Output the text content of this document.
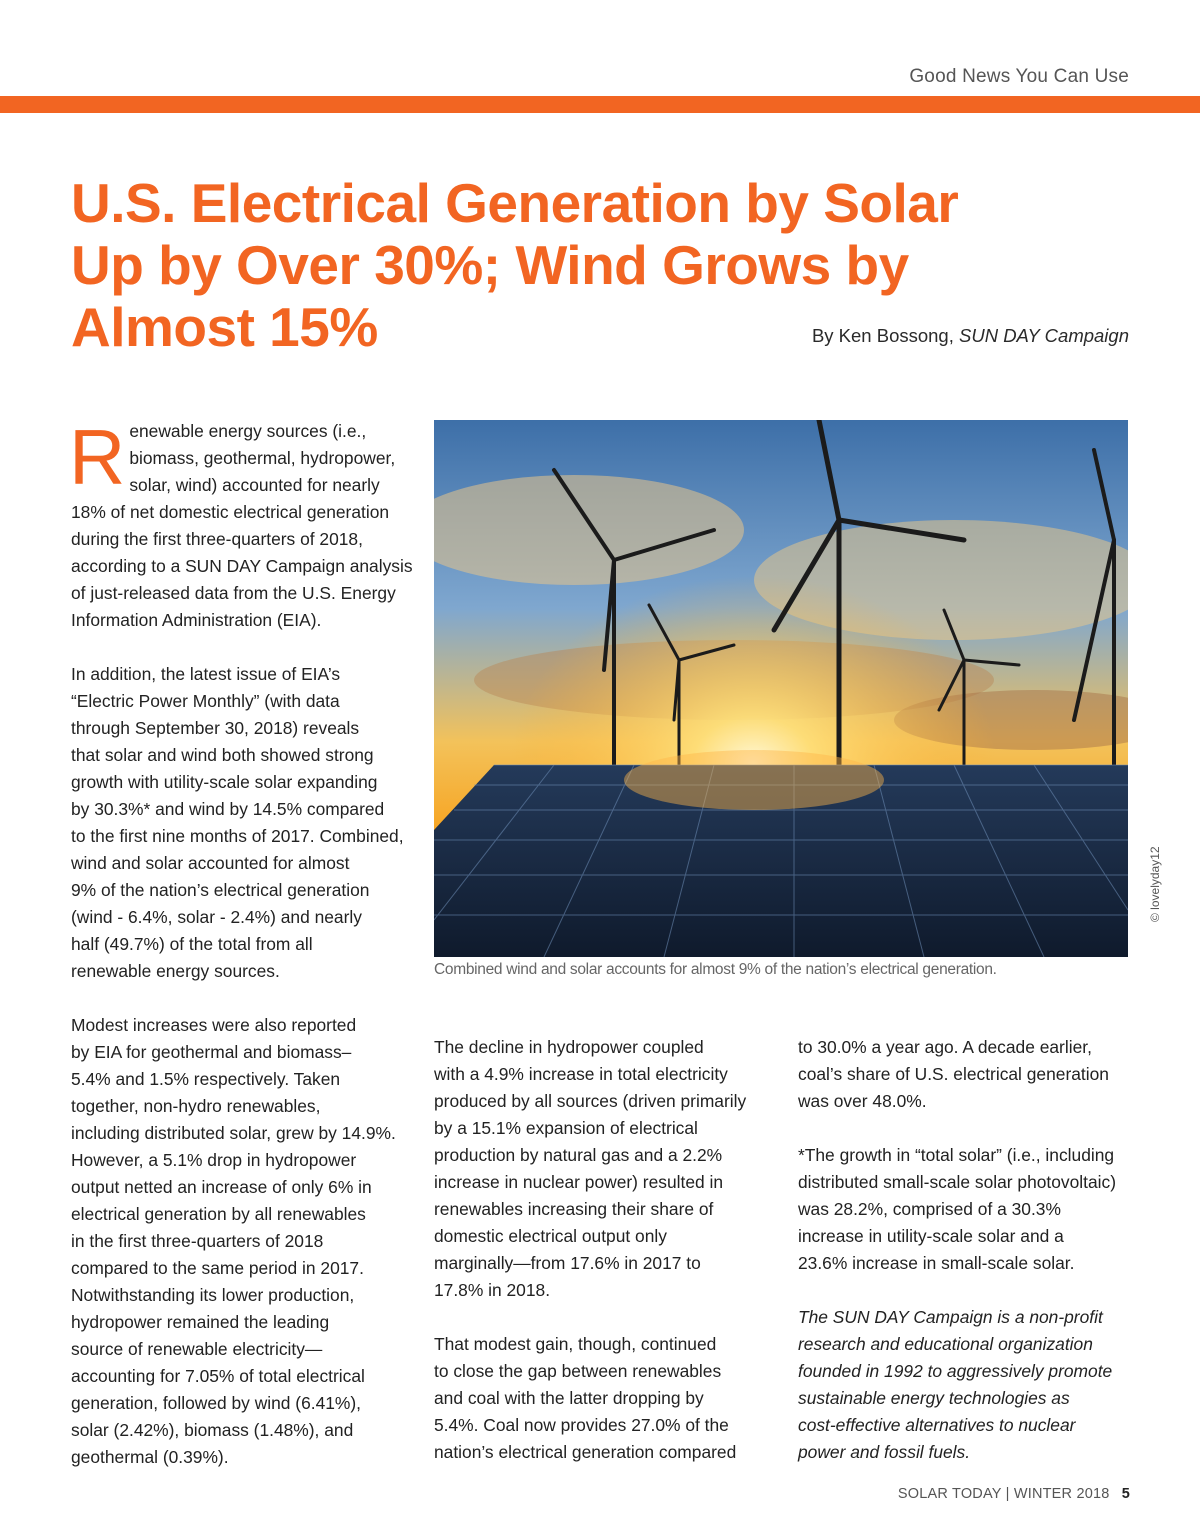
Good News You Can Use
U.S. Electrical Generation by Solar
Up by Over 30%; Wind Grows by
Almost 15%	By Ken Bossong, SUN DAY Campaign

R enewable energy sources (i.e.,
biomass, geothermal, hydropower,
solar, wind) accounted for nearly
18% of net domestic electrical generation
during the first three-quarters of 2018,
according to a SUN DAY Campaign analysis
of just-released data from the U.S. Energy
Information Administration (EIA).

In addition, the latest issue of EIA’s
“Electric Power Monthly” (with data
through September 30, 2018) reveals
that solar and wind both showed strong
growth with utility-scale solar expanding
by 30.3%* and wind by 14.5% compared
to the first nine months of 2017. Combined,
wind and solar accounted for almost
9% of the nation’s electrical generation
(wind - 6.4%, solar - 2.4%) and nearly
half (49.7%) of the total from all
renewable energy sources.

Modest increases were also reported
by EIA for geothermal and biomass–
5.4% and 1.5% respectively. Taken
together, non-hydro renewables,
including distributed solar, grew by 14.9%.
However, a 5.1% drop in hydropower
output netted an increase of only 6% in
electrical generation by all renewables
in the first three-quarters of 2018
compared to the same period in 2017.
Notwithstanding its lower production,
hydropower remained the leading
source of renewable electricity—
accounting for 7.05% of total electrical
generation, followed by wind (6.41%),
solar (2.42%), biomass (1.48%), and
geothermal (0.39%).

© lovelyday12
Combined wind and solar accounts for almost 9% of the nation’s electrical generation.

The decline in hydropower coupled
with a 4.9% increase in total electricity
produced by all sources (driven primarily
by a 15.1% expansion of electrical
production by natural gas and a 2.2%
increase in nuclear power) resulted in
renewables increasing their share of
domestic electrical output only
marginally—from 17.6% in 2017 to
17.8% in 2018.

That modest gain, though, continued
to close the gap between renewables
and coal with the latter dropping by
5.4%. Coal now provides 27.0% of the
nation’s electrical generation compared

to 30.0% a year ago. A decade earlier,
coal’s share of U.S. electrical generation
was over 48.0%.

*The growth in “total solar” (i.e., including
distributed small-scale solar photovoltaic)
was 28.2%, comprised of a 30.3%
increase in utility-scale solar and a
23.6% increase in small-scale solar.

The SUN DAY Campaign is a non-profit
research and educational organization
founded in 1992 to aggressively promote
sustainable energy technologies as
cost-effective alternatives to nuclear
power and fossil fuels.

SOLAR TODAY | WINTER 2018 5
